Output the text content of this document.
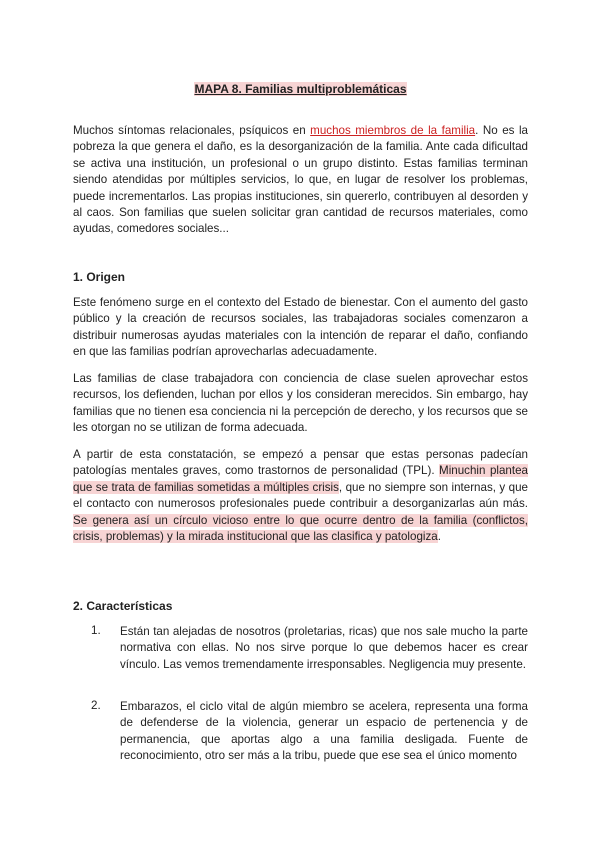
MAPA 8. Familias multiproblemáticas

Muchos síntomas relacionales, psíquicos en muchos miembros de la familia. No es la pobreza la que genera el daño, es la desorganización de la familia. Ante cada dificultad se activa una institución, un profesional o un grupo distinto. Estas familias terminan siendo atendidas por múltiples servicios, lo que, en lugar de resolver los problemas, puede incrementarlos. Las propias instituciones, sin quererlo, contribuyen al desorden y al caos. Son familias que suelen solicitar gran cantidad de recursos materiales, como ayudas, comedores sociales...

1. Origen

Este fenómeno surge en el contexto del Estado de bienestar. Con el aumento del gasto público y la creación de recursos sociales, las trabajadoras sociales comenzaron a distribuir numerosas ayudas materiales con la intención de reparar el daño, confiando en que las familias podrían aprovecharlas adecuadamente.

Las familias de clase trabajadora con conciencia de clase suelen aprovechar estos recursos, los defienden, luchan por ellos y los consideran merecidos. Sin embargo, hay familias que no tienen esa conciencia ni la percepción de derecho, y los recursos que se les otorgan no se utilizan de forma adecuada.

A partir de esta constatación, se empezó a pensar que estas personas padecían patologías mentales graves, como trastornos de personalidad (TPL). Minuchin plantea que se trata de familias sometidas a múltiples crisis, que no siempre son internas, y que el contacto con numerosos profesionales puede contribuir a desorganizarlas aún más. Se genera así un círculo vicioso entre lo que ocurre dentro de la familia (conflictos, crisis, problemas) y la mirada institucional que las clasifica y patologiza.

2. Características
1. Están tan alejadas de nosotros (proletarias, ricas) que nos sale mucho la parte normativa con ellas. No nos sirve porque lo que debemos hacer es crear vínculo. Las vemos tremendamente irresponsables. Negligencia muy presente.

2. Embarazos, el ciclo vital de algún miembro se acelera, representa una forma de defenderse de la violencia, generar un espacio de pertenencia y de permanencia, que aportas algo a una familia desligada. Fuente de reconocimiento, otro ser más a la tribu, puede que ese sea el único momento
